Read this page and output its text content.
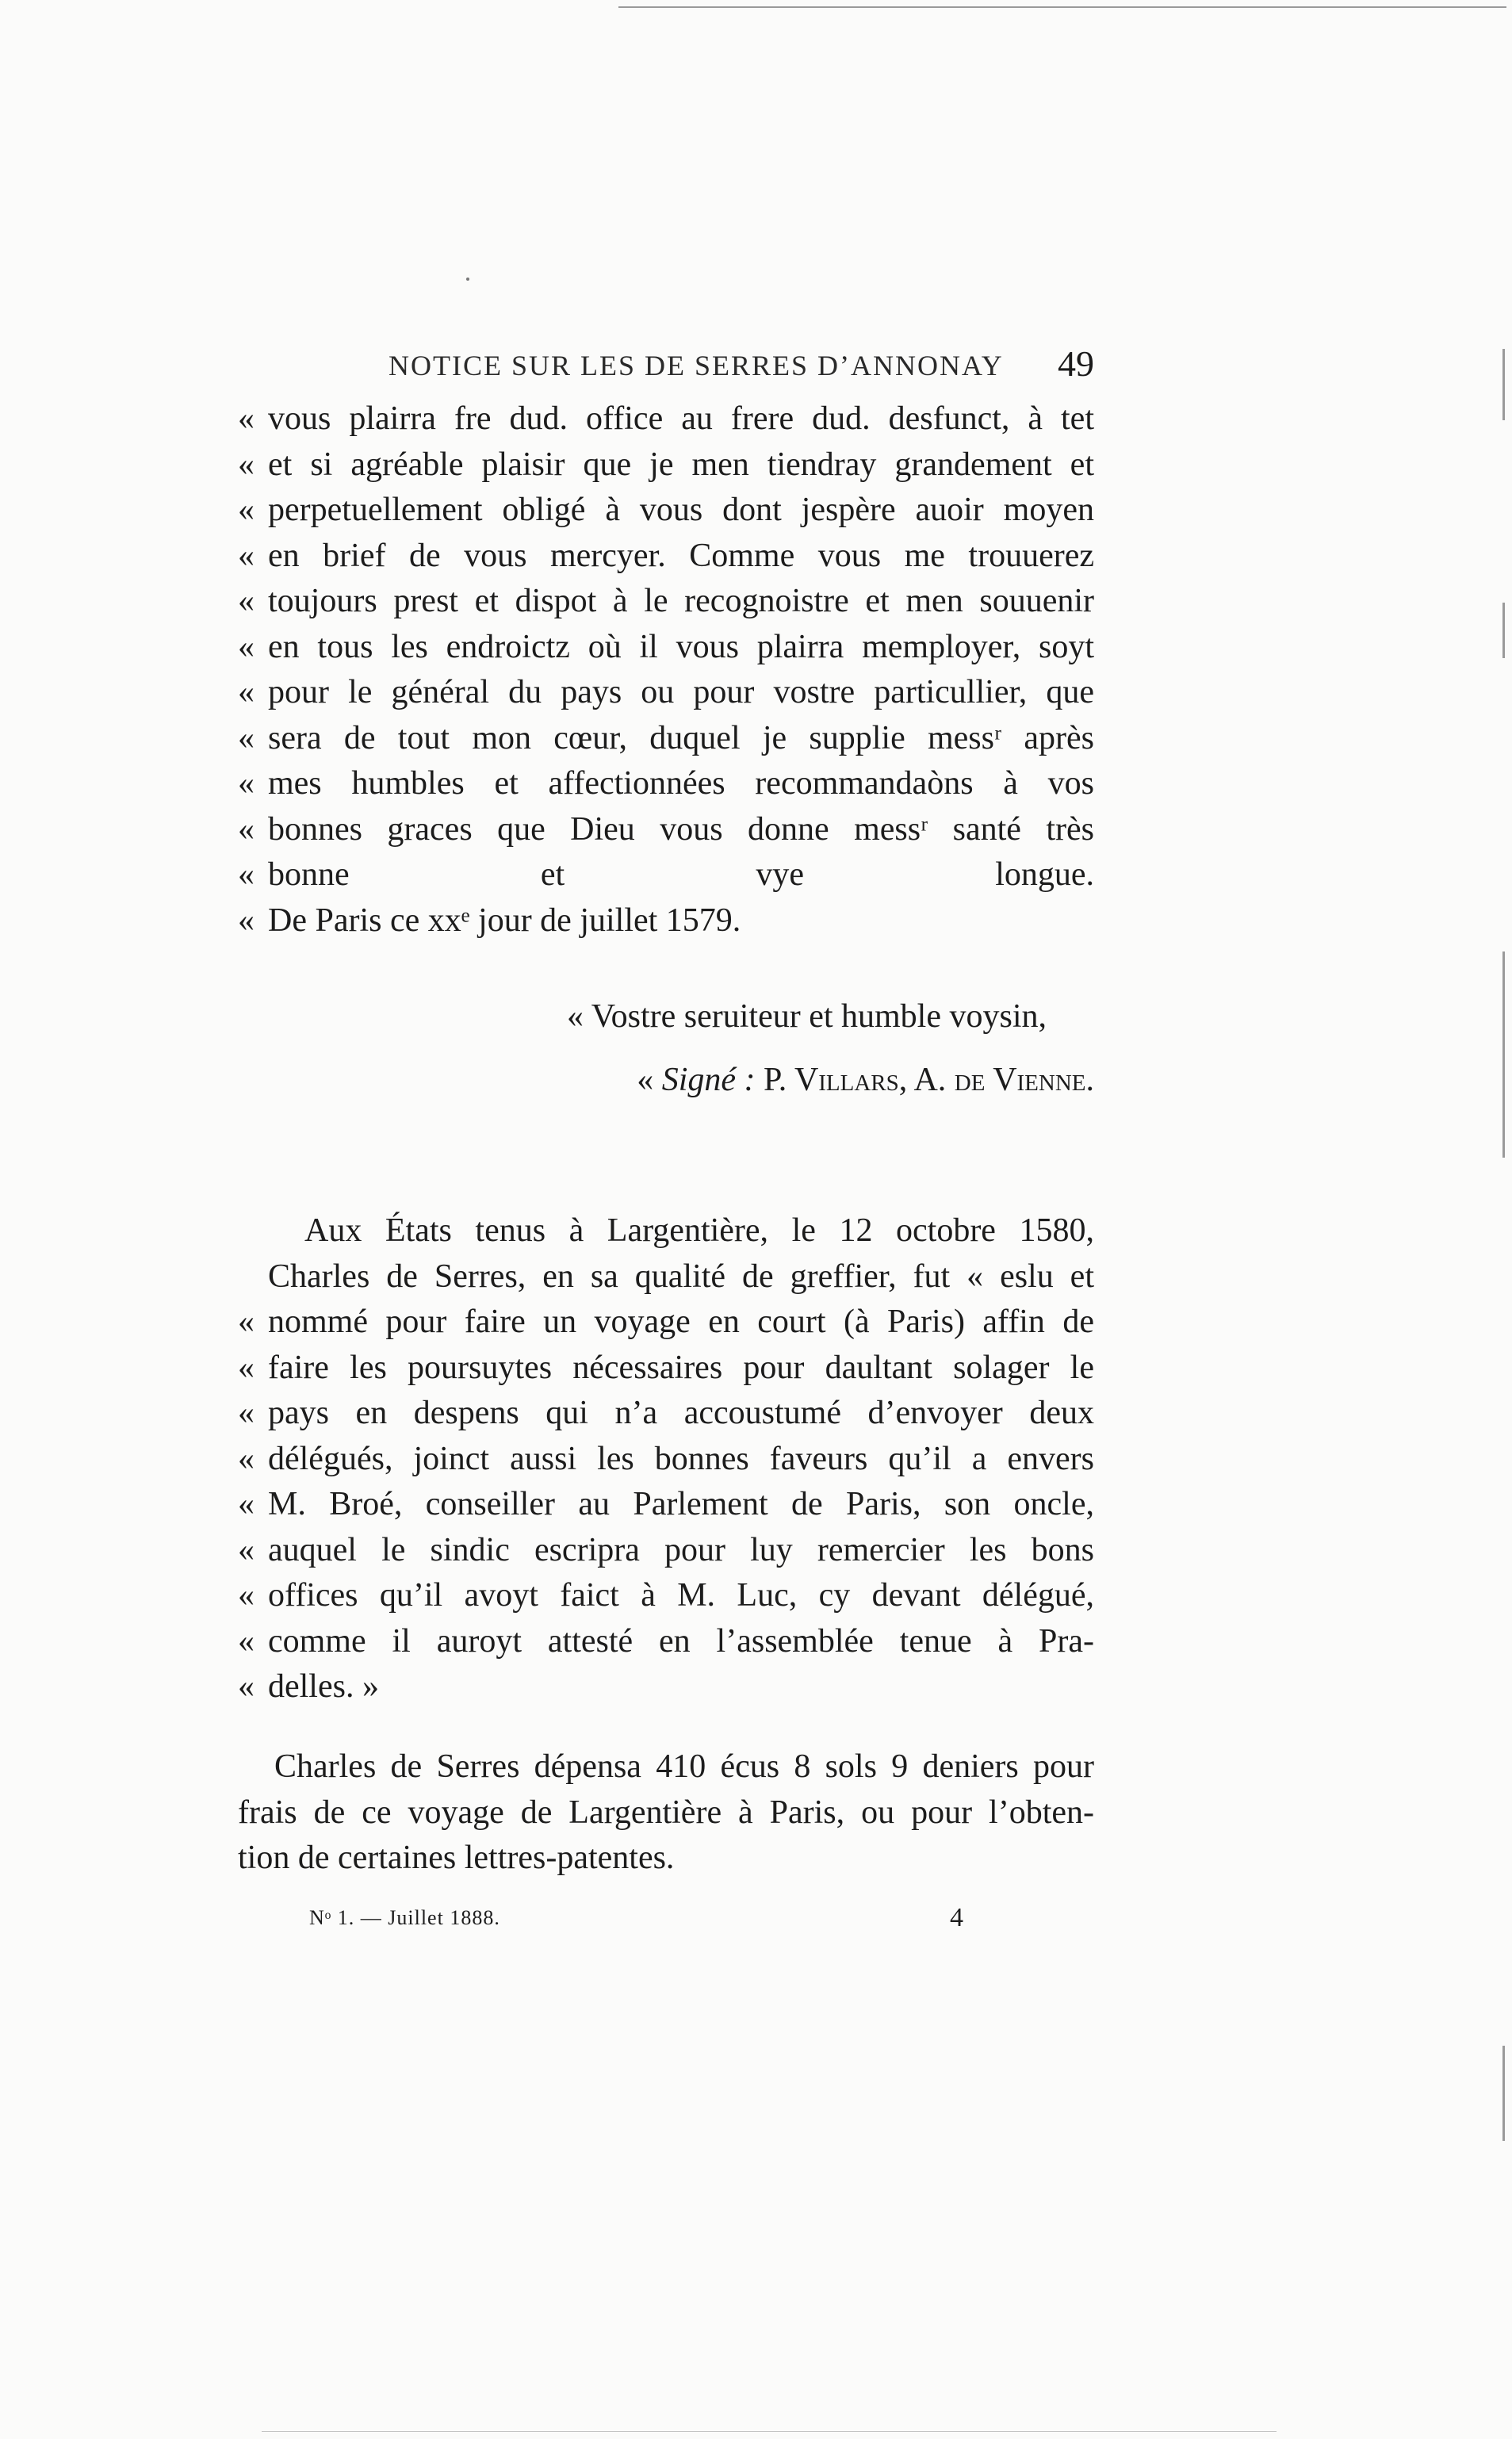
NOTICE SUR LES DE SERRES D’ANNONAY 49
« vous plairra fre dud. office au frere dud. desfunct, à tet
« et si agréable plaisir que je men tiendray grandement et
« perpetuellement obligé à vous dont jespère auoir moyen
« en brief de vous mercyer. Comme vous me trouuerez
« toujours prest et dispot à le recognoistre et men souuenir
« en tous les endroictz où il vous plairra memployer, soyt
« pour le général du pays ou pour vostre particullier, que
« sera de tout mon cœur, duquel je supplie messʳ après
« mes humbles et affectionnées recommandaòns à vos
« bonnes graces que Dieu vous donne messʳ santé très
« bonne et vye longue.
« De Paris ce xxᵉ jour de juillet 1579.
« Vostre seruiteur et humble voysin,
« Signé : P. Villars, A. de Vienne.
Aux États tenus à Largentière, le 12 octobre 1580,
Charles de Serres, en sa qualité de greffier, fut « eslu et
« nommé pour faire un voyage en court (à Paris) affin de
« faire les poursuytes nécessaires pour daultant solager le
« pays en despens qui n’a accoustumé d’envoyer deux
« délégués, joinct aussi les bonnes faveurs qu’il a envers
« M. Broé, conseiller au Parlement de Paris, son oncle,
« auquel le sindic escripra pour luy remercier les bons
« offices qu’il avoyt faict à M. Luc, cy devant délégué,
« comme il auroyt attesté en l’assemblée tenue à Pra-
« delles. »
Charles de Serres dépensa 410 écus 8 sols 9 deniers pour
frais de ce voyage de Largentière à Paris, ou pour l’obten-
tion de certaines lettres-patentes.
Nᵒ 1. — Juillet 1888.	4
